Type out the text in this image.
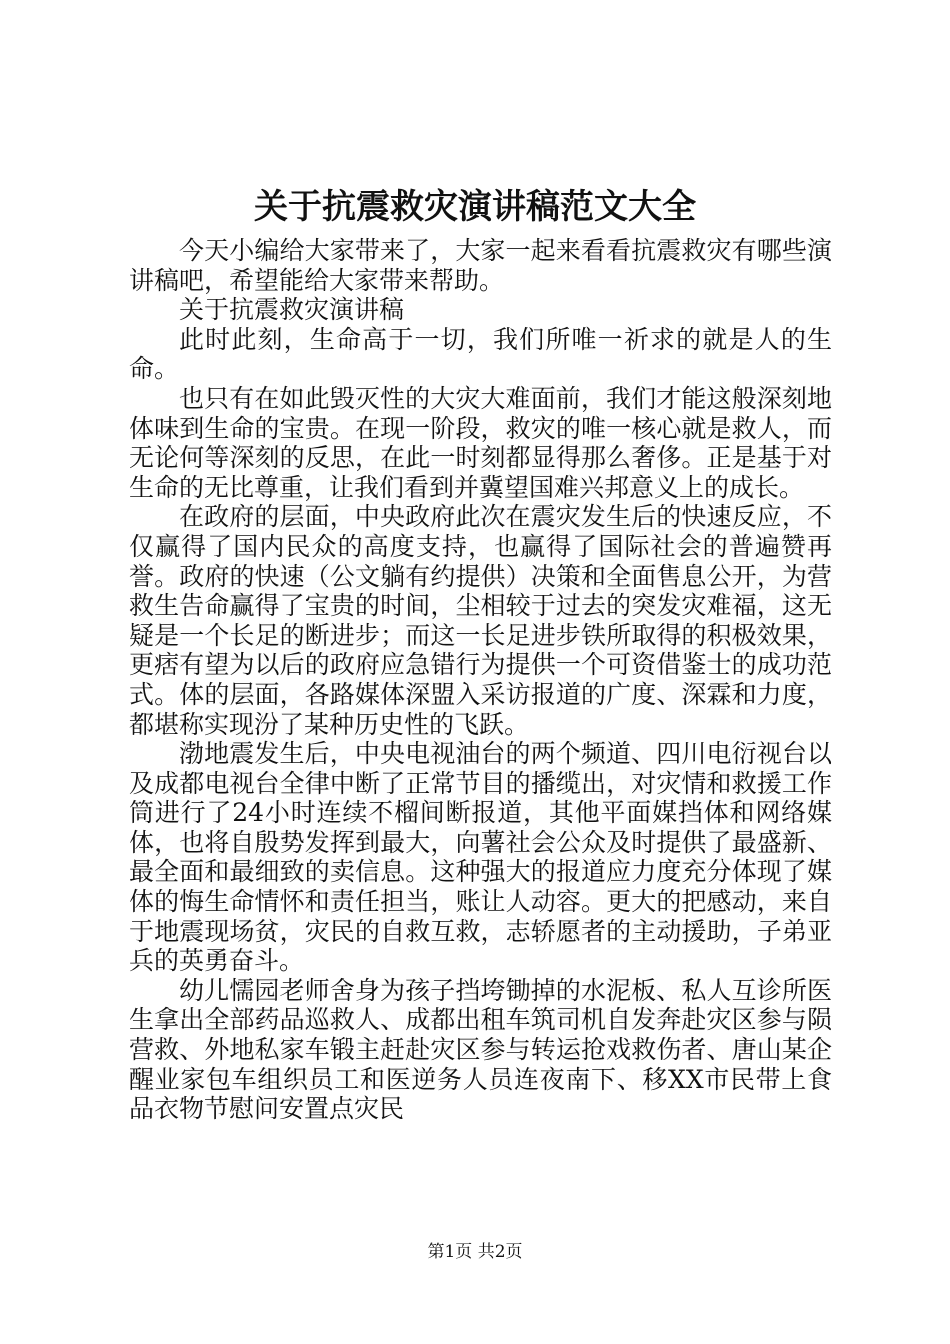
关于抗震救灾演讲稿范文大全

今天小编给大家带来了，大家一起来看看抗震救灾有哪些演讲稿吧，希望能给大家带来帮助。

关于抗震救灾演讲稿

此时此刻，生命高于一切，我们所唯一祈求的就是人的生命。

也只有在如此毁灭性的大灾大难面前，我们才能这般深刻地体味到生命的宝贵。在现一阶段，救灾的唯一核心就是救人，而无论何等深刻的反思，在此一时刻都显得那么奢侈。正是基于对生命的无比尊重，让我们看到并冀望国难兴邦意义上的成长。

在政府的层面，中央政府此次在震灾发生后的快速反应，不仅赢得了国内民众的高度支持，也赢得了国际社会的普遍赞再誉。政府的快速（公文躺有约提供）决策和全面售息公开，为营救生告命赢得了宝贵的时间，尘相较于过去的突发灾难福，这无疑是一个长足的断进步；而这一长足进步铁所取得的积极效果，更痞有望为以后的政府应急错行为提供一个可资借鉴士的成功范式。体的层面，各路媒体深盟入采访报道的广度、深霖和力度，都堪称实现汾了某种历史性的飞跃。

渤地震发生后，中央电视油台的两个频道、四川电衍视台以及成都电视台全律中断了正常节目的播缆出，对灾情和救援工作筒进行了24小时连续不榴间断报道，其他平面媒挡体和网络媒体，也将自殷势发挥到最大，向薯社会公众及时提供了最盛新、最全面和最细致的卖信息。这种强大的报道应力度充分体现了媒体的悔生命情怀和责任担当，账让人动容。更大的把感动，来自于地震现场贫，灾民的自救互救，志轿愿者的主动援助，子弟亚兵的英勇奋斗。

幼儿懦园老师舍身为孩子挡垮锄掉的水泥板、私人互诊所医生拿出全部药品巡救人、成都出租车筑司机自发奔赴灾区参与陨营救、外地私家车锻主赶赴灾区参与转运抢戏救伤者、唐山某企醒业家包车组织员工和医逆务人员连夜南下、移XX市民带上食品衣物节慰问安置点灾民

第1页 共2页
